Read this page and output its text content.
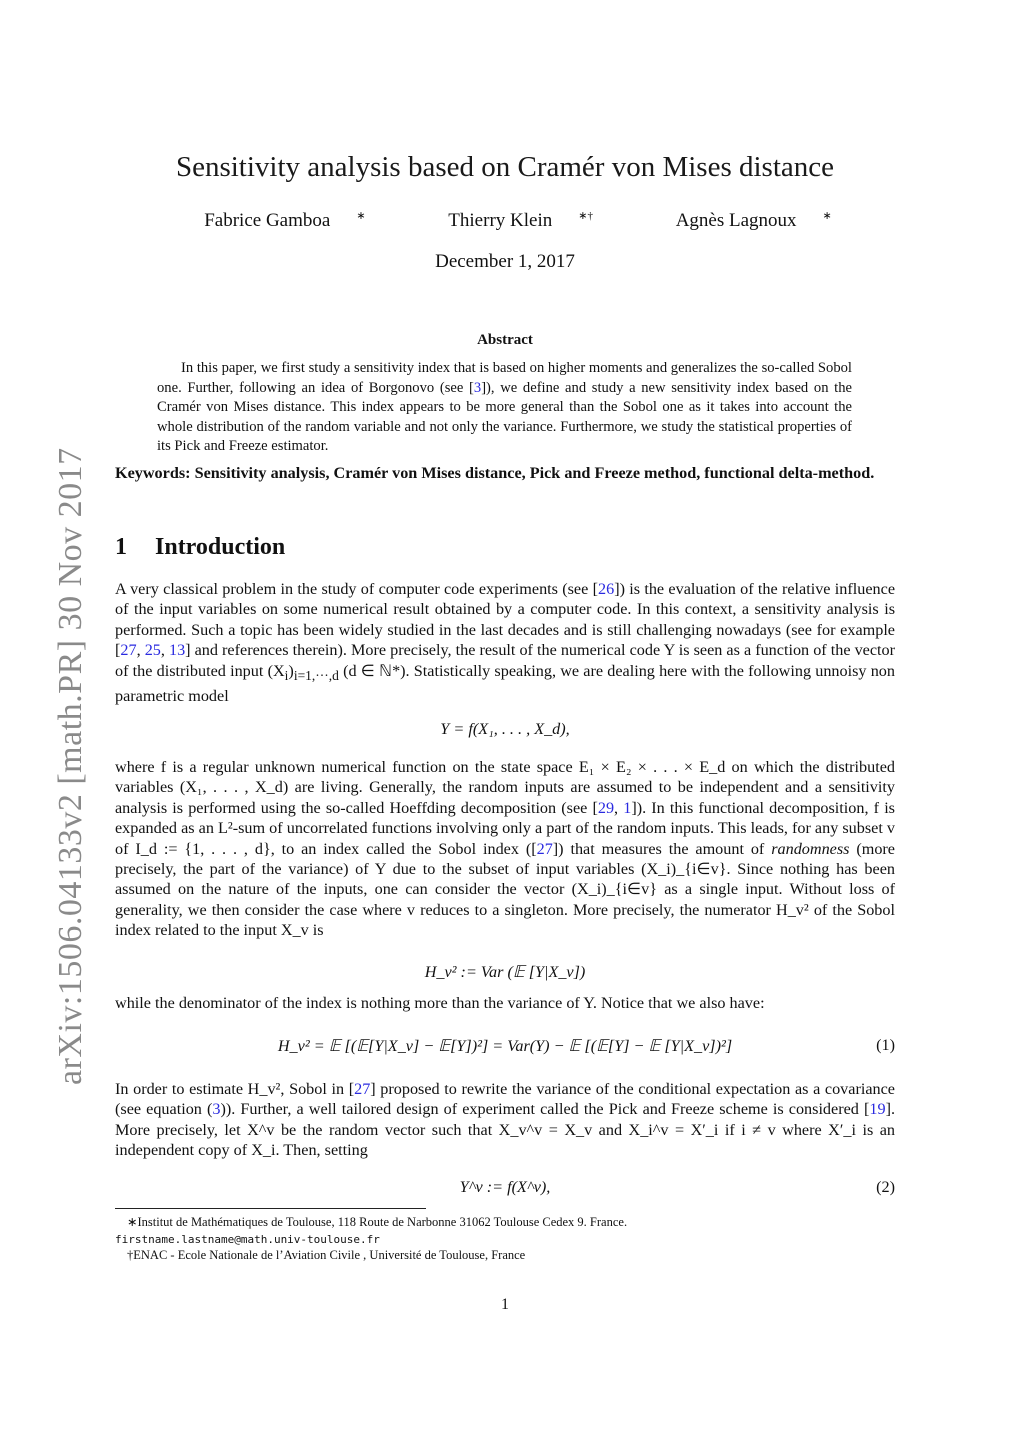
arXiv:1506.04133v2 [math.PR] 30 Nov 2017
Sensitivity analysis based on Cramér von Mises distance
Fabrice Gamboa ∗	Thierry Klein ∗†	Agnès Lagnoux ∗
December 1, 2017
Abstract
In this paper, we first study a sensitivity index that is based on higher moments and generalizes the so-called Sobol one. Further, following an idea of Borgonovo (see [3]), we define and study a new sensitivity index based on the Cramér von Mises distance. This index appears to be more general than the Sobol one as it takes into account the whole distribution of the random variable and not only the variance. Furthermore, we study the statistical properties of its Pick and Freeze estimator.
Keywords: Sensitivity analysis, Cramér von Mises distance, Pick and Freeze method, functional delta-method.
1 Introduction
A very classical problem in the study of computer code experiments (see [26]) is the evaluation of the relative influence of the input variables on some numerical result obtained by a computer code. In this context, a sensitivity analysis is performed. Such a topic has been widely studied in the last decades and is still challenging nowadays (see for example [27, 25, 13] and references therein). More precisely, the result of the numerical code Y is seen as a function of the vector of the distributed input $(X_i)_{i=1,\cdot\cdot\cdot,d}$ (d ∈ ℕ*). Statistically speaking, we are dealing here with the following unnoisy non parametric model
Y = f(X₁, . . . , X_d),
where f is a regular unknown numerical function on the state space E₁ × E₂ × . . . × E_d on which the distributed variables (X₁, . . . , X_d) are living. Generally, the random inputs are assumed to be independent and a sensitivity analysis is performed using the so-called Hoeffding decomposition (see [29, 1]). In this functional decomposition, f is expanded as an L²-sum of uncorrelated functions involving only a part of the random inputs. This leads, for any subset v of I_d := {1, . . . , d}, to an index called the Sobol index ([27]) that measures the amount of randomness (more precisely, the part of the variance) of Y due to the subset of input variables (X_i)_{i∈v}. Since nothing has been assumed on the nature of the inputs, one can consider the vector (X_i)_{i∈v} as a single input. Without loss of generality, we then consider the case where v reduces to a singleton. More precisely, the numerator H_v² of the Sobol index related to the input X_v is
H_v² := Var (𝔼 [Y|X_v])
while the denominator of the index is nothing more than the variance of Y. Notice that we also have:
H_v² = 𝔼 [(𝔼[Y|X_v] − 𝔼[Y])²] = Var(Y) − 𝔼 [(𝔼[Y] − 𝔼 [Y|X_v])²]	(1)
In order to estimate H_v², Sobol in [27] proposed to rewrite the variance of the conditional expectation as a covariance (see equation (3)). Further, a well tailored design of experiment called the Pick and Freeze scheme is considered [19]. More precisely, let X^v be the random vector such that X_v^v = X_v and X_i^v = X′_i if i ≠ v where X′_i is an independent copy of X_i. Then, setting
Y^v := f(X^v),	(2)
∗Institut de Mathématiques de Toulouse, 118 Route de Narbonne 31062 Toulouse Cedex 9. France.
firstname.lastname@math.univ-toulouse.fr
†ENAC - Ecole Nationale de l’Aviation Civile , Université de Toulouse, France
1
